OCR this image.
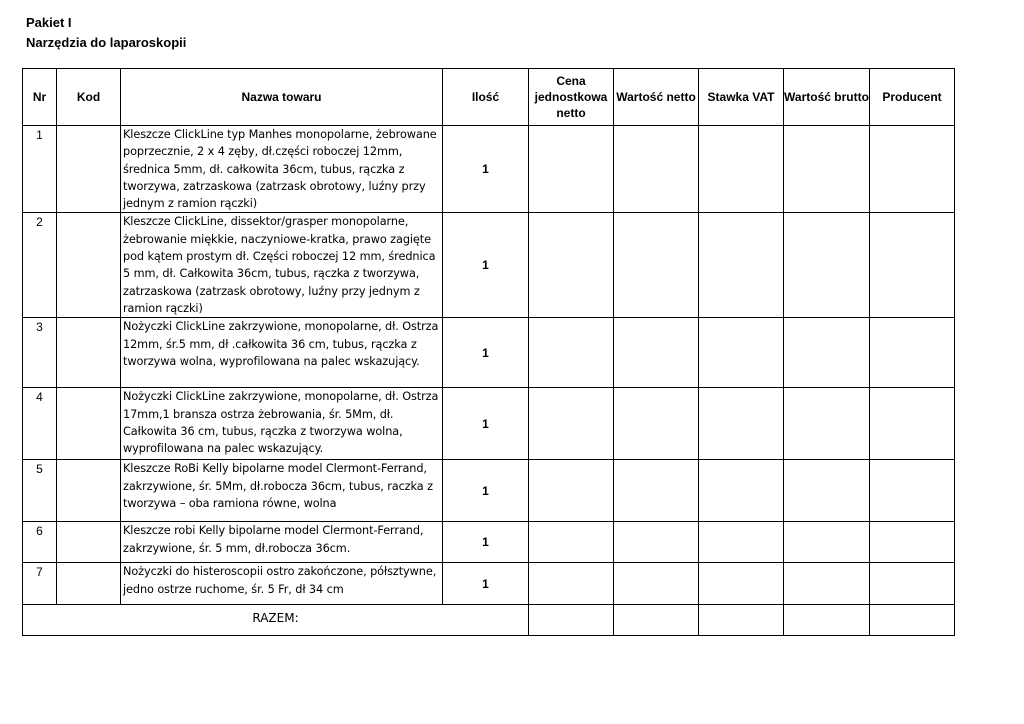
Pakiet I
Narzędzia do laparoskopii
Nr	Kod	Nazwa towaru	Ilość	Cena jednostkowa netto	Wartość netto	Stawka VAT	Wartość brutto	Producent
1		Kleszcze ClickLine typ Manhes monopolarne, żebrowane poprzecznie, 2 x 4 zęby, dł.części roboczej 12mm, średnica 5mm, dł. całkowita 36cm, tubus, rączka z tworzywa, zatrzaskowa (zatrzask obrotowy, luźny przy jednym z ramion rączki)	1					
2		Kleszcze ClickLine, dissektor/grasper monopolarne, żebrowanie miękkie, naczyniowe-kratka, prawo zagięte pod kątem prostym dł. Części roboczej 12 mm, średnica 5 mm, dł. Całkowita 36cm, tubus, rączka z tworzywa, zatrzaskowa (zatrzask obrotowy, luźny przy jednym z ramion rączki)	1					
3		Nożyczki ClickLine zakrzywione, monopolarne, dł. Ostrza 12mm, śr.5 mm, dł .całkowita 36 cm, tubus, rączka z tworzywa wolna, wyprofilowana na palec wskazujący.	1					
4		Nożyczki ClickLine zakrzywione, monopolarne, dł. Ostrza 17mm,1 bransza ostrza żebrowania, śr. 5Mm, dł. Całkowita 36 cm, tubus, rączka z tworzywa wolna, wyprofilowana na palec wskazujący.	1					
5		Kleszcze RoBi Kelly bipolarne model Clermont-Ferrand, zakrzywione, śr. 5Mm, dł.robocza 36cm, tubus, raczka z tworzywa – oba ramiona równe, wolna	1					
6		Kleszcze robi Kelly bipolarne model Clermont-Ferrand, zakrzywione, śr. 5 mm, dł.robocza 36cm.	1					
7		Nożyczki do histeroscopii ostro zakończone, półsztywne, jedno ostrze ruchome, śr. 5 Fr, dł 34 cm	1					
RAZEM:								
